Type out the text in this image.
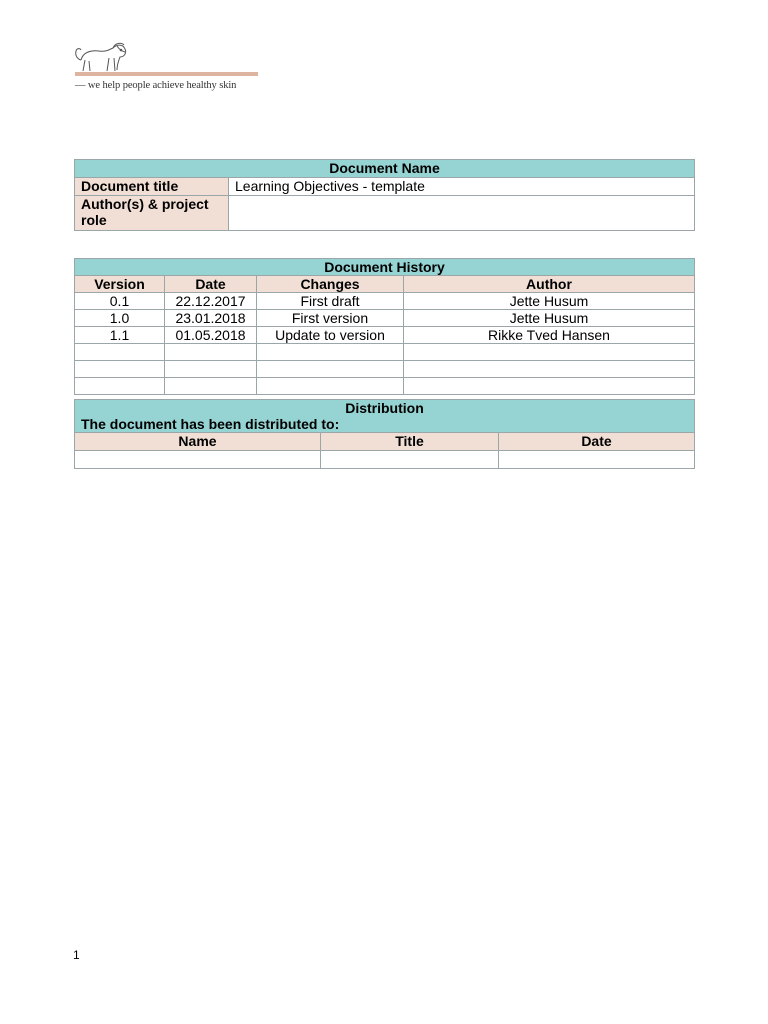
— we help people achieve healthy skin
Document Name	
Document title	Learning Objectives - template
Author(s) & project role	
Document History			
Version	Date	Changes	Author
0.1	22.12.2017	First draft	Jette Husum
1.0	23.01.2018	First version	Jette Husum
1.1	01.05.2018	Update to version	Rikke Tved Hansen

Distribution
The document has been distributed to:		
Name	Title	Date

1
